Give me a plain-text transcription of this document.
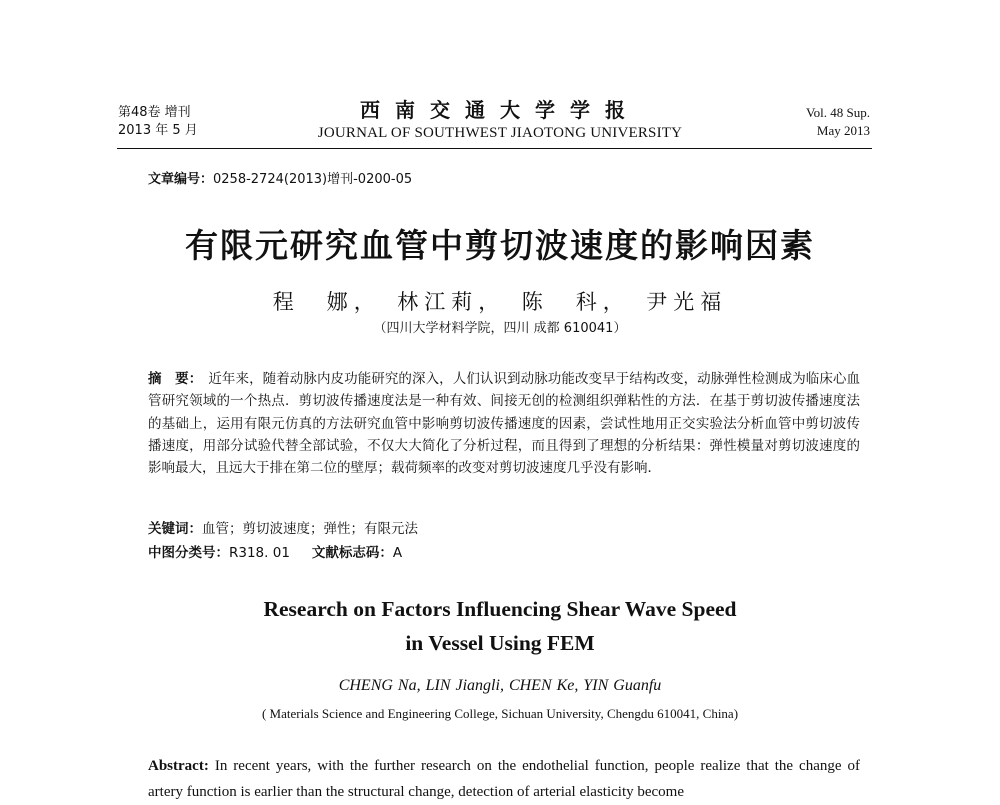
第48卷 增刊
2013 年 5 月
西南交通大学学报
JOURNAL OF SOUTHWEST JIAOTONG UNIVERSITY
Vol. 48 Sup.
May 2013
文章编号：0258-2724(2013)增刊-0200-05
有限元研究血管中剪切波速度的影响因素
程　娜，　林江莉，　陈　科，　尹光福
（四川大学材料学院，四川 成都 610041）
摘　要： 近年来，随着动脉内皮功能研究的深入，人们认识到动脉功能改变早于结构改变，动脉弹性检测成为临床心血管研究领域的一个热点．剪切波传播速度法是一种有效、间接无创的检测组织弹粘性的方法．在基于剪切波传播速度法的基础上，运用有限元仿真的方法研究血管中影响剪切波传播速度的因素，尝试性地用正交实验法分析血管中剪切波传播速度，用部分试验代替全部试验，不仅大大简化了分析过程，而且得到了理想的分析结果：弹性模量对剪切波速度的影响最大，且远大于排在第二位的壁厚；载荷频率的改变对剪切波速度几乎没有影响．
关键词：血管；剪切波速度；弹性；有限元法
中图分类号：R318. 01 文献标志码：A
Research on Factors Influencing Shear Wave Speed
in Vessel Using FEM
CHENG Na, LIN Jiangli, CHEN Ke, YIN Guanfu
( Materials Science and Engineering College, Sichuan University, Chengdu 610041, China)
Abstract: In recent years, with the further research on the endothelial function, people realize that the change of artery function is earlier than the structural change, detection of arterial elasticity become
